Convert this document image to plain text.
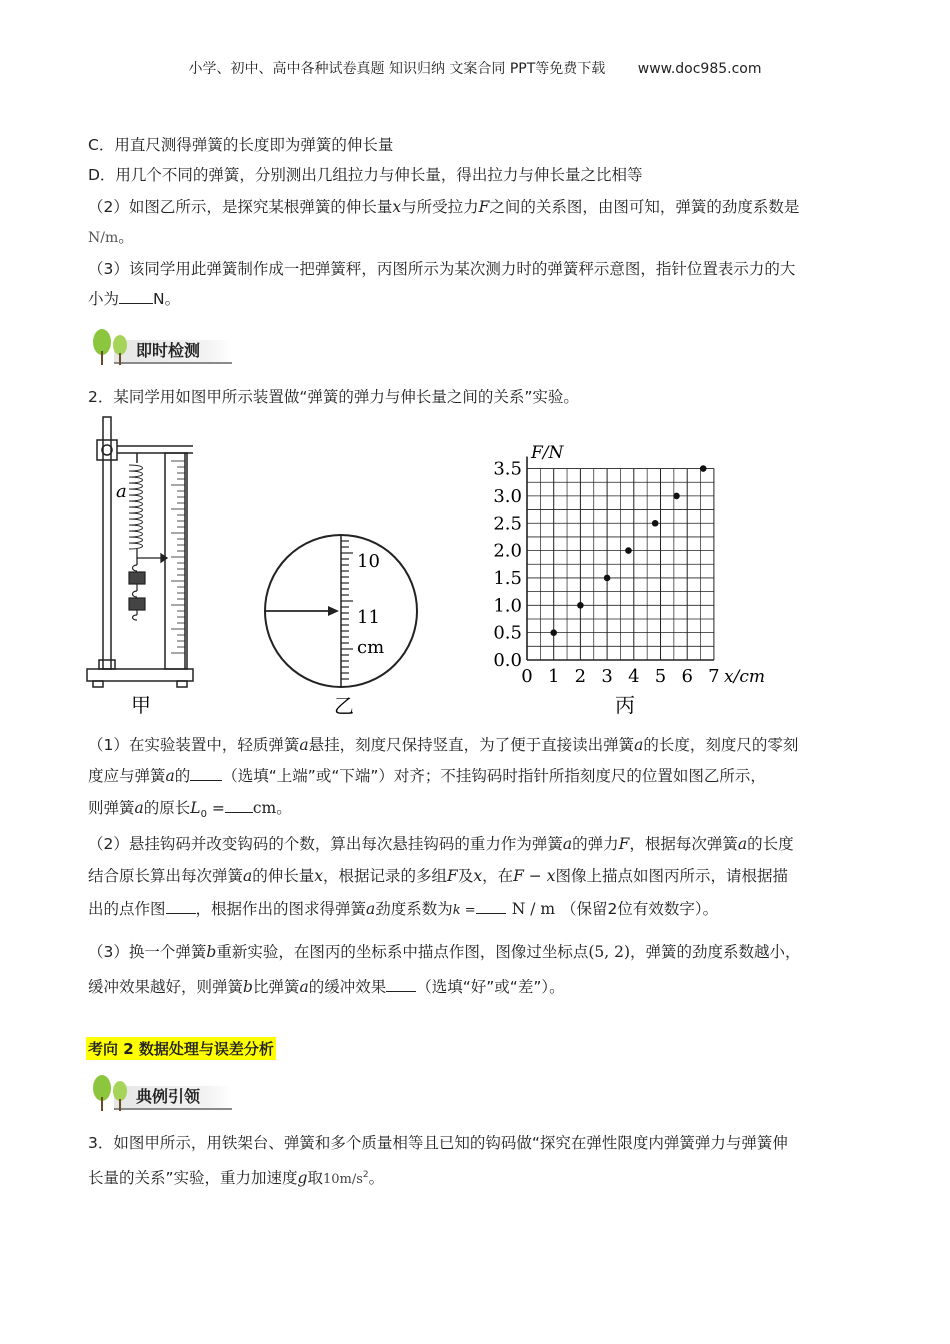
小学、初中、高中各种试卷真题 知识归纳 文案合同 PPT等免费下载 www.doc985.com
C．用直尺测得弹簧的长度即为弹簧的伸长量
D．用几个不同的弹簧，分别测出几组拉力与伸长量，得出拉力与伸长量之比相等
（2）如图乙所示，是探究某根弹簧的伸长量x与所受拉力F之间的关系图，由图可知，弹簧的劲度系数是
N/m。
（3）该同学用此弹簧制作成一把弹簧秤，丙图所示为某次测力时的弹簧秤示意图，指针位置表示力的大
小为 N。
即时检测
2．某同学用如图甲所示装置做“弹簧的弹力与伸长量之间的关系”实验。
a
甲
10
11
cm
乙
0 1 2 3 4 5 6 7
0.0
0.5
1.0
1.5
2.0
2.5
3.0
3.5
F/N
x/cm
丙
（1）在实验装置中，轻质弹簧a悬挂，刻度尺保持竖直，为了便于直接读出弹簧a的长度，刻度尺的零刻
度应与弹簧a的 （选填“上端”或“下端”）对齐；不挂钩码时指针所指刻度尺的位置如图乙所示，
则弹簧a的原长$L_0$ = cm。
（2）悬挂钩码并改变钩码的个数，算出每次悬挂钩码的重力作为弹簧a的弹力F，根据每次弹簧a的长度
结合原长算出每次弹簧a的伸长量x，根据记录的多组F及x，在F − x图像上描点如图丙所示，请根据描
出的点作图 ，根据作出的图求得弹簧a劲度系数为k = N / m （保留2位有效数字）。
（3）换一个弹簧b重新实验，在图丙的坐标系中描点作图，图像过坐标点(5, 2)，弹簧的劲度系数越小，
缓冲效果越好，则弹簧b比弹簧a的缓冲效果 （选填“好”或“差”）。
考向 2 数据处理与误差分析
典例引领
3．如图甲所示，用铁架台、弹簧和多个质量相等且已知的钩码做“探究在弹性限度内弹簧弹力与弹簧伸
长量的关系”实验，重力加速度g取$10m/s^2$。
